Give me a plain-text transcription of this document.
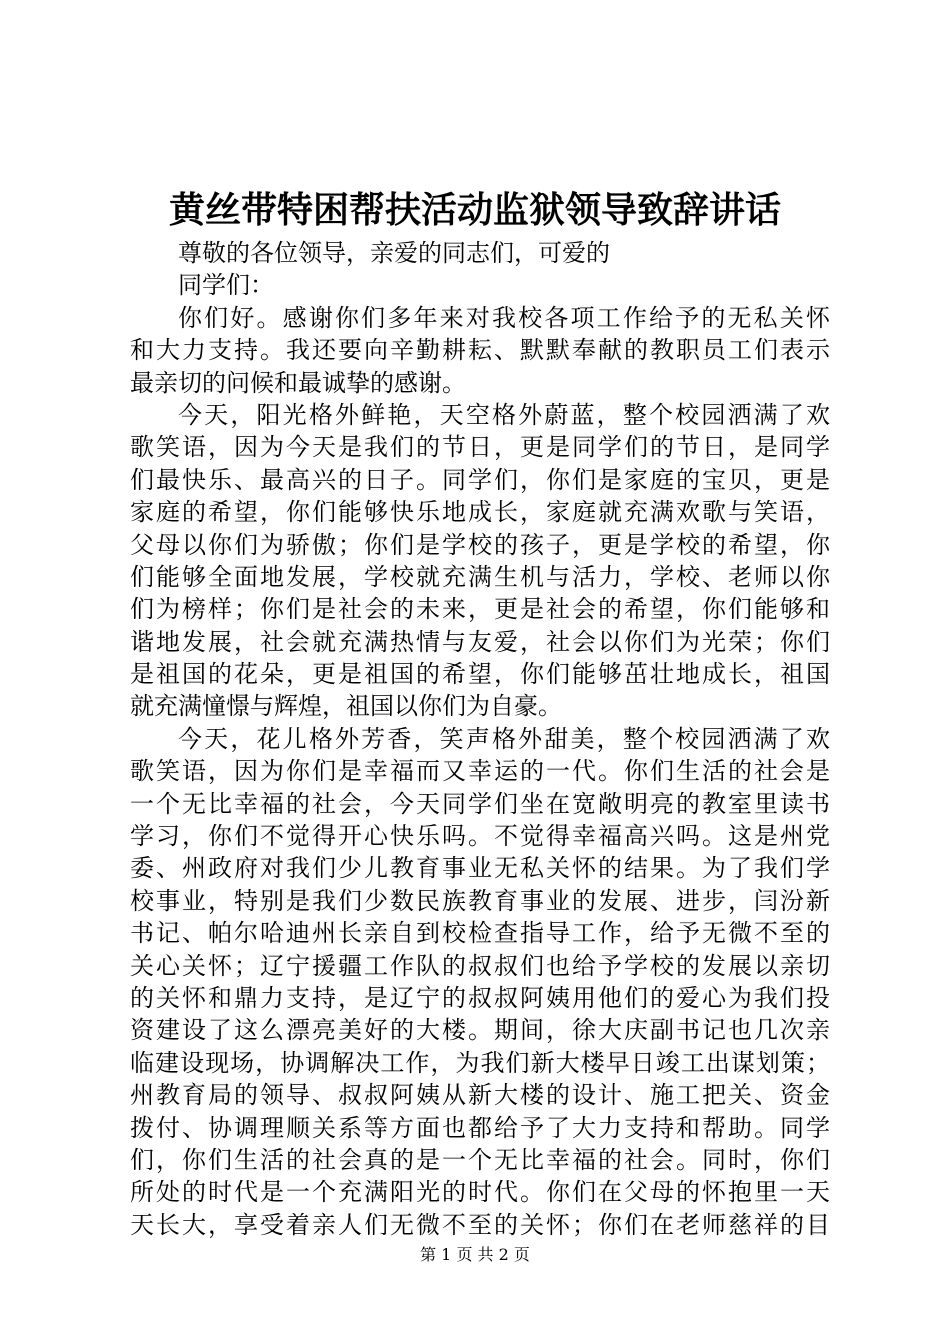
黄丝带特困帮扶活动监狱领导致辞讲话
尊敬的各位领导，亲爱的同志们，可爱的
同学们：
你们好。感谢你们多年来对我校各项工作给予的无私关怀
和大力支持。我还要向辛勤耕耘、默默奉献的教职员工们表示
最亲切的问候和最诚挚的感谢。
今天，阳光格外鲜艳，天空格外蔚蓝，整个校园洒满了欢
歌笑语，因为今天是我们的节日，更是同学们的节日，是同学
们最快乐、最高兴的日子。同学们，你们是家庭的宝贝，更是
家庭的希望，你们能够快乐地成长，家庭就充满欢歌与笑语，
父母以你们为骄傲；你们是学校的孩子，更是学校的希望，你
们能够全面地发展，学校就充满生机与活力，学校、老师以你
们为榜样；你们是社会的未来，更是社会的希望，你们能够和
谐地发展，社会就充满热情与友爱，社会以你们为光荣；你们
是祖国的花朵，更是祖国的希望，你们能够茁壮地成长，祖国
就充满憧憬与辉煌，祖国以你们为自豪。
今天，花儿格外芳香，笑声格外甜美，整个校园洒满了欢
歌笑语，因为你们是幸福而又幸运的一代。你们生活的社会是
一个无比幸福的社会，今天同学们坐在宽敞明亮的教室里读书
学习，你们不觉得开心快乐吗。不觉得幸福高兴吗。这是州党
委、州政府对我们少儿教育事业无私关怀的结果。为了我们学
校事业，特别是我们少数民族教育事业的发展、进步，闫汾新
书记、帕尔哈迪州长亲自到校检查指导工作，给予无微不至的
关心关怀；辽宁援疆工作队的叔叔们也给予学校的发展以亲切
的关怀和鼎力支持，是辽宁的叔叔阿姨用他们的爱心为我们投
资建设了这么漂亮美好的大楼。期间，徐大庆副书记也几次亲
临建设现场，协调解决工作，为我们新大楼早日竣工出谋划策；
州教育局的领导、叔叔阿姨从新大楼的设计、施工把关、资金
拨付、协调理顺关系等方面也都给予了大力支持和帮助。同学
们，你们生活的社会真的是一个无比幸福的社会。同时，你们
所处的时代是一个充满阳光的时代。你们在父母的怀抱里一天
天长大，享受着亲人们无微不至的关怀；你们在老师慈祥的目
第 1 页 共 2 页
